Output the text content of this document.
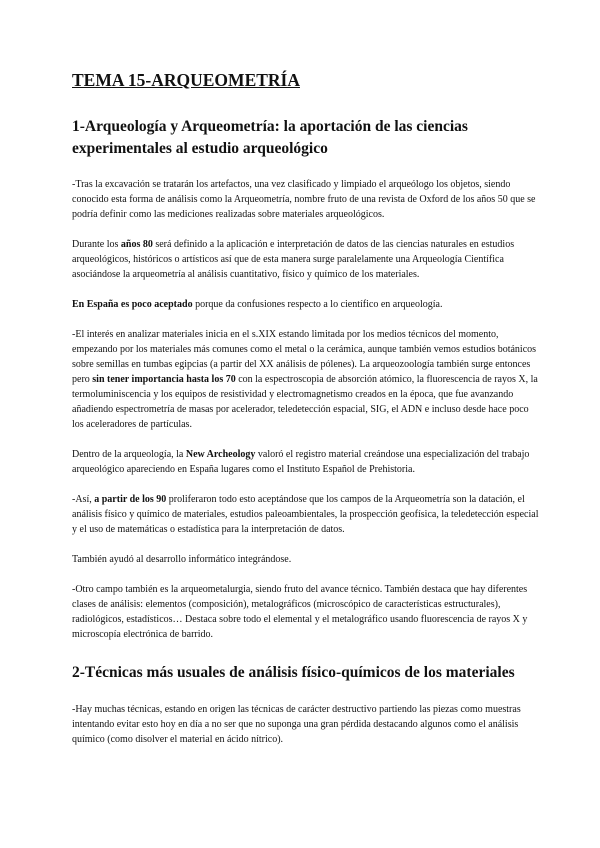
TEMA 15-ARQUEOMETRÍA
1-Arqueología y Arqueometría: la aportación de las ciencias experimentales al estudio arqueológico

-Tras la excavación se tratarán los artefactos, una vez clasificado y limpiado el arqueólogo los objetos, siendo conocido esta forma de análisis como la Arqueometría, nombre fruto de una revista de Oxford de los años 50 que se podría definir como las mediciones realizadas sobre materiales arqueológicos.

Durante los años 80 será definido a la aplicación e interpretación de datos de las ciencias naturales en estudios arqueológicos, históricos o artísticos así que de esta manera surge paralelamente una Arqueología Científica asociándose la arqueometría al análisis cuantitativo, físico y químico de los materiales.

En España es poco aceptado porque da confusiones respecto a lo científico en arqueología.

-El interés en analizar materiales inicia en el s.XIX estando limitada por los medios técnicos del momento, empezando por los materiales más comunes como el metal o la cerámica, aunque también vemos estudios botánicos sobre semillas en tumbas egipcias (a partir del XX análisis de pólenes). La arqueozoología también surge entonces pero sin tener importancia hasta los 70 con la espectroscopia de absorción atómico, la fluorescencia de rayos X, la termoluminiscencia y los equipos de resistividad y electromagnetismo creados en la época, que fue avanzando añadiendo espectrometría de masas por acelerador, teledetección espacial, SIG, el ADN e incluso desde hace poco los aceleradores de partículas.

Dentro de la arqueología, la New Archeology valoró el registro material creándose una especialización del trabajo arqueológico apareciendo en España lugares como el Instituto Español de Prehistoria.

-Así, a partir de los 90 proliferaron todo esto aceptándose que los campos de la Arqueometría son la datación, el análisis físico y químico de materiales, estudios paleoambientales, la prospección geofísica, la teledetección especial y el uso de matemáticas o estadística para la interpretación de datos.

También ayudó al desarrollo informático integrándose.

-Otro campo también es la arqueometalurgia, siendo fruto del avance técnico. También destaca que hay diferentes clases de análisis: elementos (composición), metalográficos (microscópico de características estructurales), radiológicos, estadísticos… Destaca sobre todo el elemental y el metalográfico usando fluorescencia de rayos X y microscopía electrónica de barrido.

2-Técnicas más usuales de análisis físico-químicos de los materiales

-Hay muchas técnicas, estando en origen las técnicas de carácter destructivo partiendo las piezas como muestras intentando evitar esto hoy en día a no ser que no suponga una gran pérdida destacando algunos como el análisis químico (como disolver el material en ácido nítrico).
